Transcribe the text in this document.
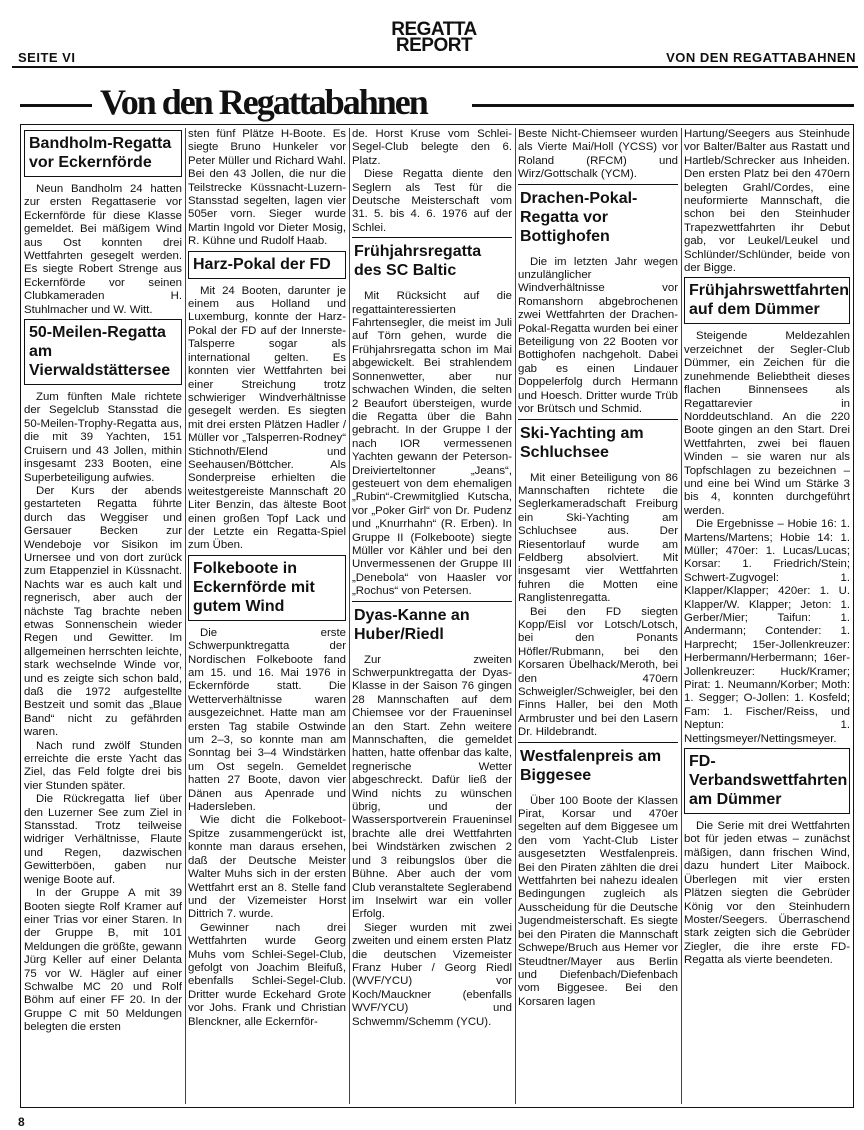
SEITE VI
REGATTA
REPORT
VON DEN REGATTABAHNEN
Von den Regattabahnen
Bandholm-Regatta vor Eckernförde

Neun Bandholm 24 hatten zur ersten Regattaserie vor Eckernförde für diese Klasse gemeldet. Bei mäßigem Wind aus Ost konnten drei Wettfahrten gesegelt werden. Es siegte Robert Strenge aus Eckernförde vor seinen Clubkameraden H. Stuhlmacher und W. Witt.

50-Meilen-Regatta am Vierwaldstättersee

Zum fünften Male richtete der Segelclub Stansstad die 50-Meilen-Trophy-Regatta aus, die mit 39 Yachten, 151 Cruisern und 43 Jollen, mithin insgesamt 233 Booten, eine Superbeteiligung aufwies.

Der Kurs der abends gestarteten Regatta führte durch das Weggiser und Gersauer Becken zur Wendeboje vor Sisikon im Urnersee und von dort zurück zum Etappenziel in Küssnacht. Nachts war es auch kalt und regnerisch, aber auch der nächste Tag brachte neben etwas Sonnenschein wieder Regen und Gewitter. Im allgemeinen herrschten leichte, stark wechselnde Winde vor, und es zeigte sich schon bald, daß die 1972 aufgestellte Bestzeit und somit das „Blaue Band“ nicht zu gefährden waren.

Nach rund zwölf Stunden erreichte die erste Yacht das Ziel, das Feld folgte drei bis vier Stunden später.

Die Rückregatta lief über den Luzerner See zum Ziel in Stansstad. Trotz teilweise widriger Verhältnisse, Flaute und Regen, dazwischen Gewitterböen, gaben nur wenige Boote auf.

In der Gruppe A mit 39 Booten siegte Rolf Kramer auf einer Trias vor einer Staren. In der Gruppe B, mit 101 Meldungen die größte, gewann Jürg Keller auf einer Delanta 75 vor W. Hägler auf einer Schwalbe MC 20 und Rolf Böhm auf einer FF 20. In der Gruppe C mit 50 Meldungen belegten die ersten

sten fünf Plätze H-Boote. Es siegte Bruno Hunkeler vor Peter Müller und Richard Wahl. Bei den 43 Jollen, die nur die Teilstrecke Küssnacht-Luzern-Stansstad segelten, lagen vier 505er vorn. Sieger wurde Martin Ingold vor Dieter Mosig, R. Kühne und Rudolf Haab.

Harz-Pokal der FD

Mit 24 Booten, darunter je einem aus Holland und Luxemburg, konnte der Harz-Pokal der FD auf der Innerste-Talsperre sogar als international gelten. Es konnten vier Wettfahrten bei einer Streichung trotz schwieriger Windverhältnisse gesegelt werden. Es siegten mit drei ersten Plätzen Hadler / Müller vor „Talsperren-Rodney“ Stichnoth/Elend und Seehausen/Böttcher. Als Sonderpreise erhielten die weitestgereiste Mannschaft 20 Liter Benzin, das älteste Boot einen großen Topf Lack und der Letzte ein Regatta-Spiel zum Üben.

Folkeboote in Eckernförde mit gutem Wind

Die erste Schwerpunktregatta der Nordischen Folkeboote fand am 15. und 16. Mai 1976 in Eckernförde statt. Die Wetterverhältnisse waren ausgezeichnet. Hatte man am ersten Tag stabile Ostwinde um 2–3, so konnte man am Sonntag bei 3–4 Windstärken um Ost segeln. Gemeldet hatten 27 Boote, davon vier Dänen aus Apenrade und Hadersleben.

Wie dicht die Folkeboot-Spitze zusammengerückt ist, konnte man daraus ersehen, daß der Deutsche Meister Walter Muhs sich in der ersten Wettfahrt erst an 8. Stelle fand und der Vizemeister Horst Dittrich 7. wurde.

Gewinner nach drei Wettfahrten wurde Georg Muhs vom Schlei-Segel-Club, gefolgt von Joachim Bleifuß, ebenfalls Schlei-Segel-Club. Dritter wurde Eckehard Grote vor Johs. Frank und Christian Blenckner, alle Eckernför-

de. Horst Kruse vom Schlei-Segel-Club belegte den 6. Platz.

Diese Regatta diente den Seglern als Test für die Deutsche Meisterschaft vom 31. 5. bis 4. 6. 1976 auf der Schlei.

Frühjahrsregatta des SC Baltic

Mit Rücksicht auf die regattainteressierten Fahrtensegler, die meist im Juli auf Törn gehen, wurde die Frühjahrsregatta schon im Mai abgewickelt. Bei strahlendem Sonnenwetter, aber nur schwachen Winden, die selten 2 Beaufort übersteigen, wurde die Regatta über die Bahn gebracht. In der Gruppe I der nach IOR vermessenen Yachten gewann der Peterson-Dreivierteltonner „Jeans“, gesteuert von dem ehemaligen „Rubin“-Crewmitglied Kutscha, vor „Poker Girl“ von Dr. Pudenz und „Knurrhahn“ (R. Erben). In Gruppe II (Folkeboote) siegte Müller vor Kähler und bei den Unvermessenen der Gruppe III „Denebola“ von Haasler vor „Rochus“ von Petersen.

Dyas-Kanne an Huber/Riedl

Zur zweiten Schwerpunktregatta der Dyas-Klasse in der Saison 76 gingen 28 Mannschaften auf dem Chiemsee vor der Fraueninsel an den Start. Zehn weitere Mannschaften, die gemeldet hatten, hatte offenbar das kalte, regnerische Wetter abgeschreckt. Dafür ließ der Wind nichts zu wünschen übrig, und der Wassersportverein Fraueninsel brachte alle drei Wettfahrten bei Windstärken zwischen 2 und 3 reibungslos über die Bühne. Aber auch der vom Club veranstaltete Seglerabend im Inselwirt war ein voller Erfolg.

Sieger wurden mit zwei zweiten und einem ersten Platz die deutschen Vizemeister Franz Huber / Georg Riedl (WVF/YCU) vor Koch/Mauckner (ebenfalls WVF/YCU) und Schwemm/Schemm (YCU).

Beste Nicht-Chiemseer wurden als Vierte Mai/Holl (YCSS) vor Roland (RFCM) und Wirz/Gottschalk (YCM).

Drachen-Pokal-Regatta vor Bottighofen

Die im letzten Jahr wegen unzulänglicher Windverhältnisse vor Romanshorn abgebrochenen zwei Wettfahrten der Drachen-Pokal-Regatta wurden bei einer Beteiligung von 22 Booten vor Bottighofen nachgeholt. Dabei gab es einen Lindauer Doppelerfolg durch Hermann und Hoesch. Dritter wurde Trüb vor Brütsch und Schmid.

Ski-Yachting am Schluchsee

Mit einer Beteiligung von 86 Mannschaften richtete die Seglerkameradschaft Freiburg ein Ski-Yachting am Schluchsee aus. Der Riesentorlauf wurde am Feldberg absolviert. Mit insgesamt vier Wettfahrten fuhren die Motten eine Ranglistenregatta.

Bei den FD siegten Kopp/Eisl vor Lotsch/Lotsch, bei den Ponants Höfler/Rubmann, bei den Korsaren Übelhack/Meroth, bei den 470ern Schweigler/Schweigler, bei den Finns Haller, bei den Moth Armbruster und bei den Lasern Dr. Hildebrandt.

Westfalenpreis am Biggesee

Über 100 Boote der Klassen Pirat, Korsar und 470er segelten auf dem Biggesee um den vom Yacht-Club Lister ausgesetzten Westfalenpreis. Bei den Piraten zählten die drei Wettfahrten bei nahezu idealen Bedingungen zugleich als Ausscheidung für die Deutsche Jugendmeisterschaft. Es siegte bei den Piraten die Mannschaft Schwepe/Bruch aus Hemer vor Steudtner/Mayer aus Berlin und Diefenbach/Diefenbach vom Biggesee. Bei den Korsaren lagen

Hartung/Seegers aus Steinhude vor Balter/Balter aus Rastatt und Hartleb/Schrecker aus Inheiden. Den ersten Platz bei den 470ern belegten Grahl/Cordes, eine neuformierte Mannschaft, die schon bei den Steinhuder Trapezwettfahrten ihr Debut gab, vor Leukel/Leukel und Schlünder/Schlünder, beide von der Bigge.

Frühjahrswettfahrten auf dem Dümmer

Steigende Meldezahlen verzeichnet der Segler-Club Dümmer, ein Zeichen für die zunehmende Beliebtheit dieses flachen Binnensees als Regattarevier in Norddeutschland. An die 220 Boote gingen an den Start. Drei Wettfahrten, zwei bei flauen Winden – sie waren nur als Topfschlagen zu bezeichnen – und eine bei Wind um Stärke 3 bis 4, konnten durchgeführt werden.

Die Ergebnisse – Hobie 16: 1. Martens/Martens; Hobie 14: 1. Müller; 470er: 1. Lucas/Lucas; Korsar: 1. Friedrich/Stein; Schwert-Zugvogel: 1. Klapper/Klapper; 420er: 1. U. Klapper/W. Klapper; Jeton: 1. Gerber/Mier; Taifun: 1. Andermann; Contender: 1. Harprecht; 15er-Jollenkreuzer: Herbermann/Herbermann; 16er-Jollenkreuzer: Huck/Kramer; Pirat: 1. Neumann/Korber; Moth: 1. Segger; O-Jollen: 1. Kosfeld; Fam: 1. Fischer/Reiss, und Neptun: 1. Nettingsmeyer/Nettingsmeyer.

FD-Verbandswettfahrten am Dümmer

Die Serie mit drei Wettfahrten bot für jeden etwas – zunächst mäßigen, dann frischen Wind, dazu hundert Liter Maibock. Überlegen mit vier ersten Plätzen siegten die Gebrüder König vor den Steinhudern Moster/Seegers. Überraschend stark zeigten sich die Gebrüder Ziegler, die ihre erste FD-Regatta als vierte beendeten.

8
